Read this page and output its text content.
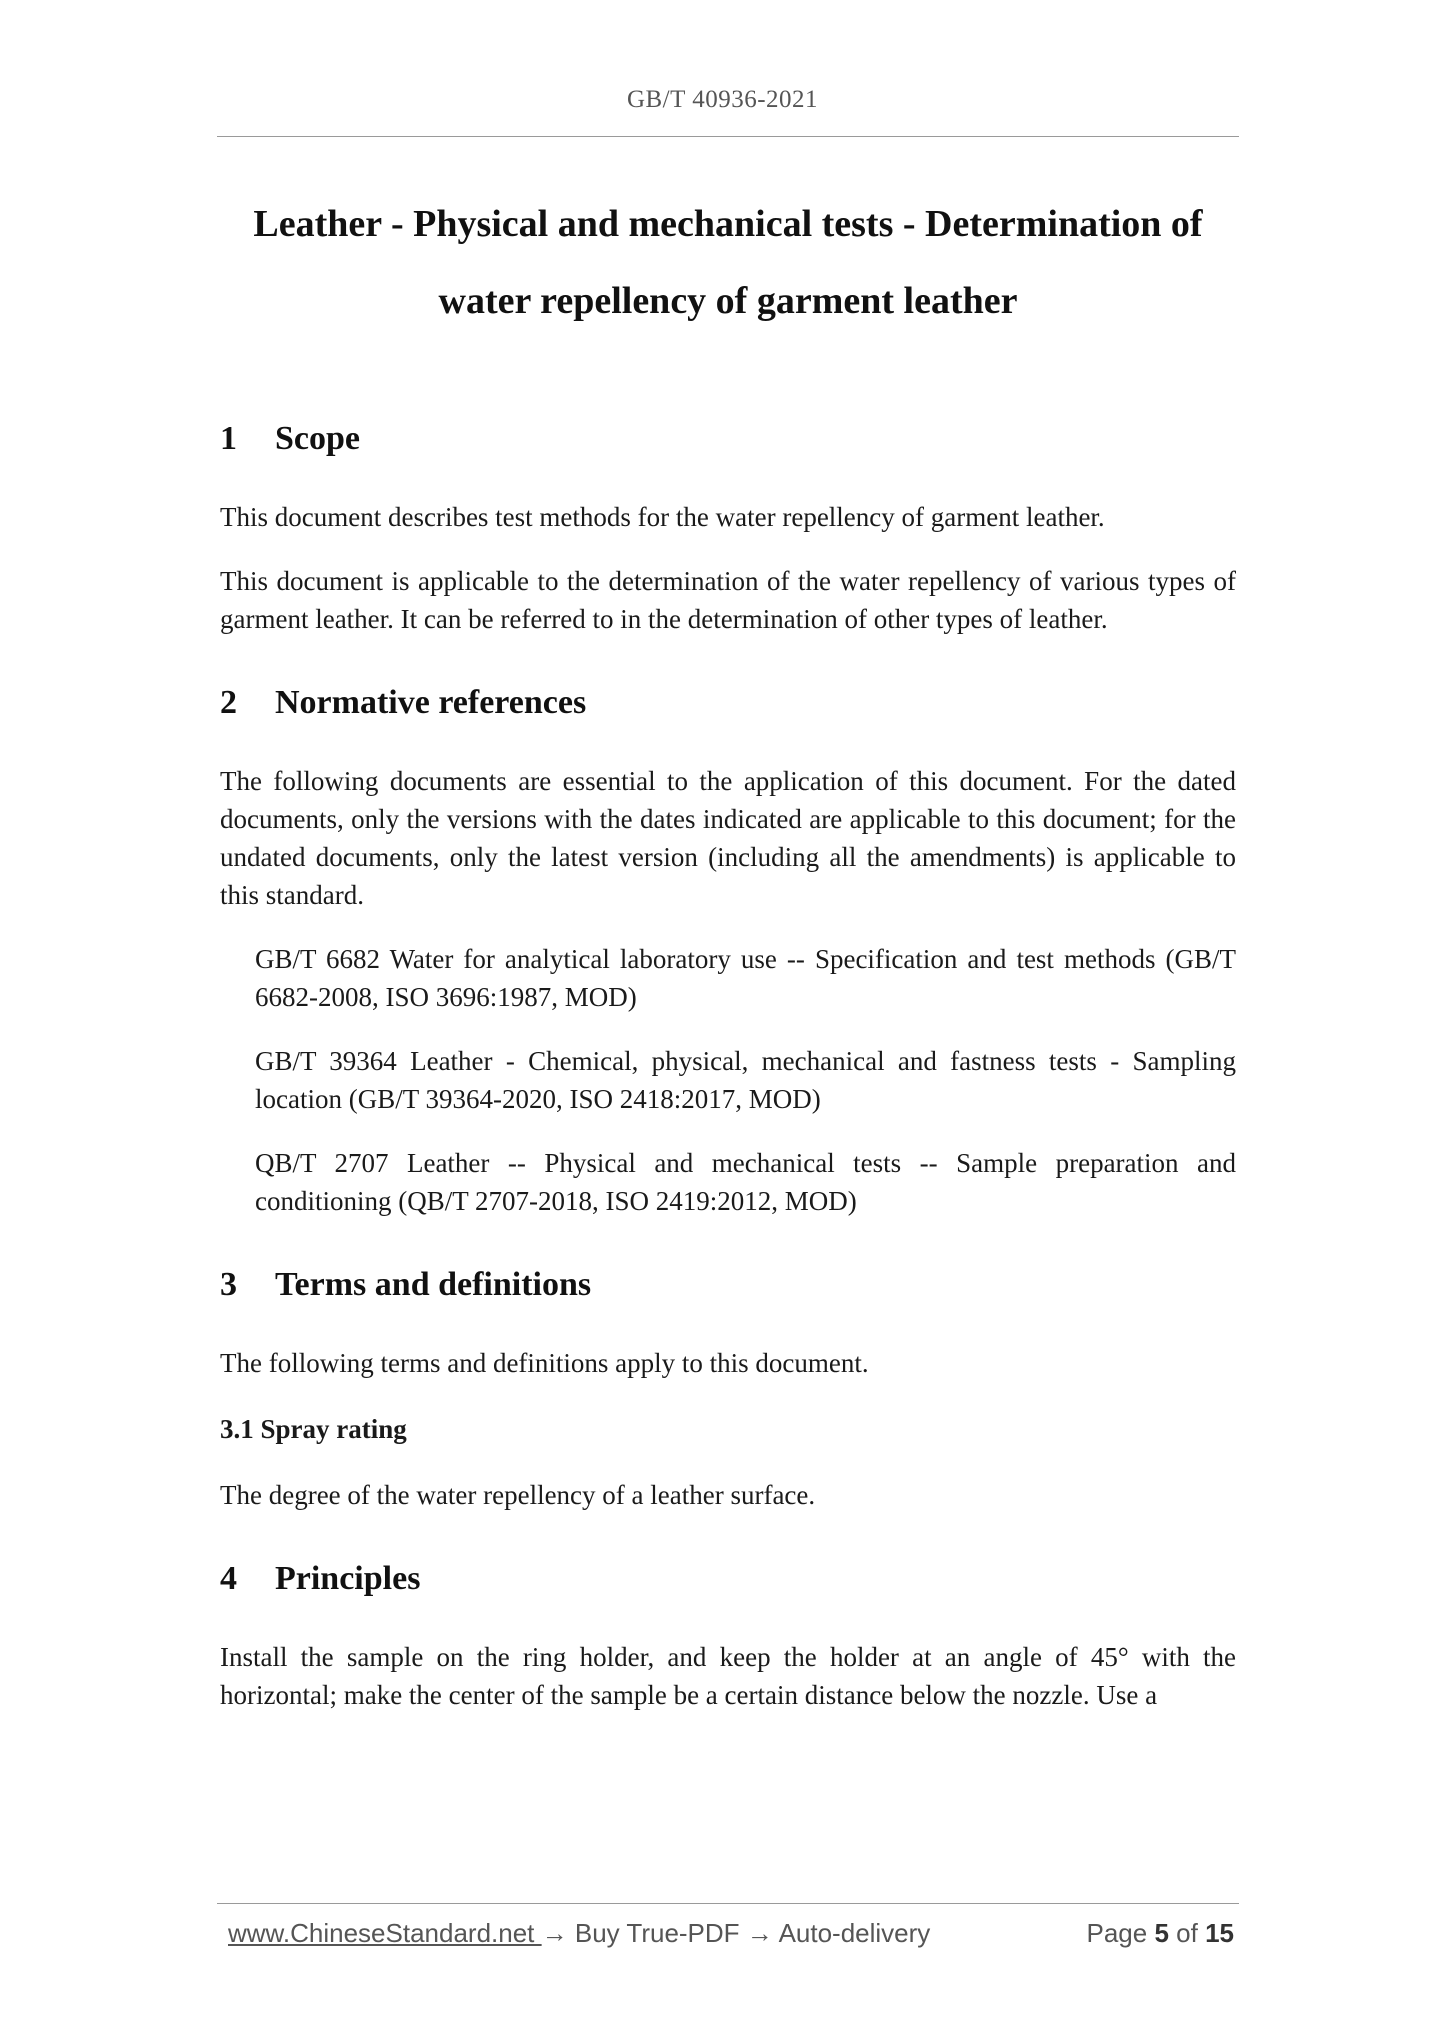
GB/T 40936-2021
Leather - Physical and mechanical tests - Determination of
water repellency of garment leather
1	Scope

This document describes test methods for the water repellency of garment leather.

This document is applicable to the determination of the water repellency of various types of garment leather. It can be referred to in the determination of other types of leather.

2	Normative references

The following documents are essential to the application of this document. For the dated documents, only the versions with the dates indicated are applicable to this document; for the undated documents, only the latest version (including all the amendments) is applicable to this standard.

GB/T 6682 Water for analytical laboratory use -- Specification and test methods (GB/T 6682-2008, ISO 3696:1987, MOD)

GB/T 39364 Leather - Chemical, physical, mechanical and fastness tests - Sampling location (GB/T 39364-2020, ISO 2418:2017, MOD)

QB/T 2707 Leather -- Physical and mechanical tests -- Sample preparation and conditioning (QB/T 2707-2018, ISO 2419:2012, MOD)

3	Terms and definitions

The following terms and definitions apply to this document.

3.1 Spray rating

The degree of the water repellency of a leather surface.

4	Principles

Install the sample on the ring holder, and keep the holder at an angle of 45° with the horizontal; make the center of the sample be a certain distance below the nozzle. Use a

www.ChineseStandard.net → Buy True-PDF → Auto-delivery	Page 5 of 15
